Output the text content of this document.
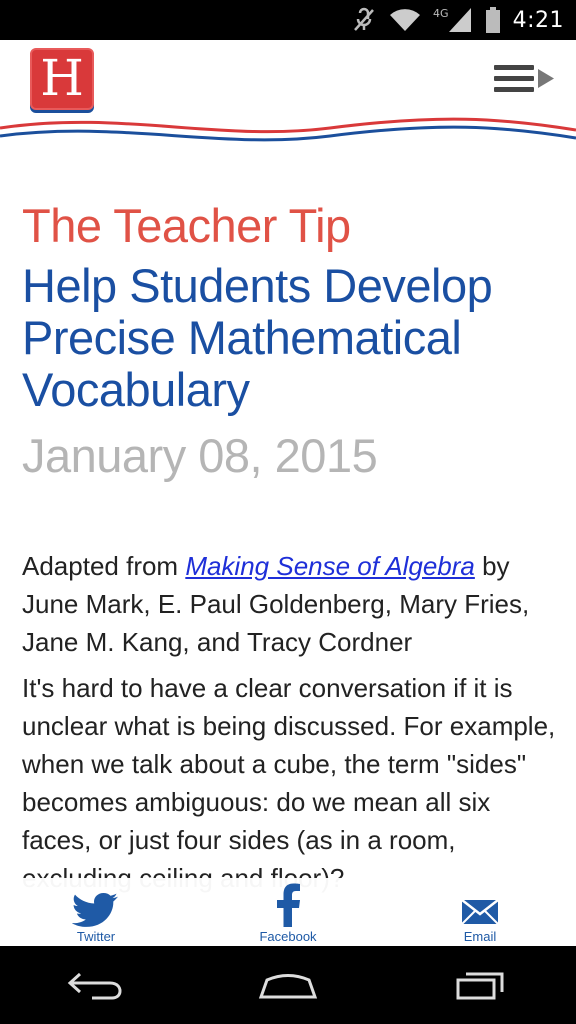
4G	4:21
H
The Teacher Tip
Help Students Develop Precise Mathematical Vocabulary
January 08, 2015

Adapted from Making Sense of Algebra by June Mark, E. Paul Goldenberg, Mary Fries, Jane M. Kang, and Tracy Cordner

It's hard to have a clear conversation if it is unclear what is being discussed. For example, when we talk about a cube, the term "sides" becomes ambiguous: do we mean all six faces, or just four sides (as in a room,

Twitter	Facebook	Email
